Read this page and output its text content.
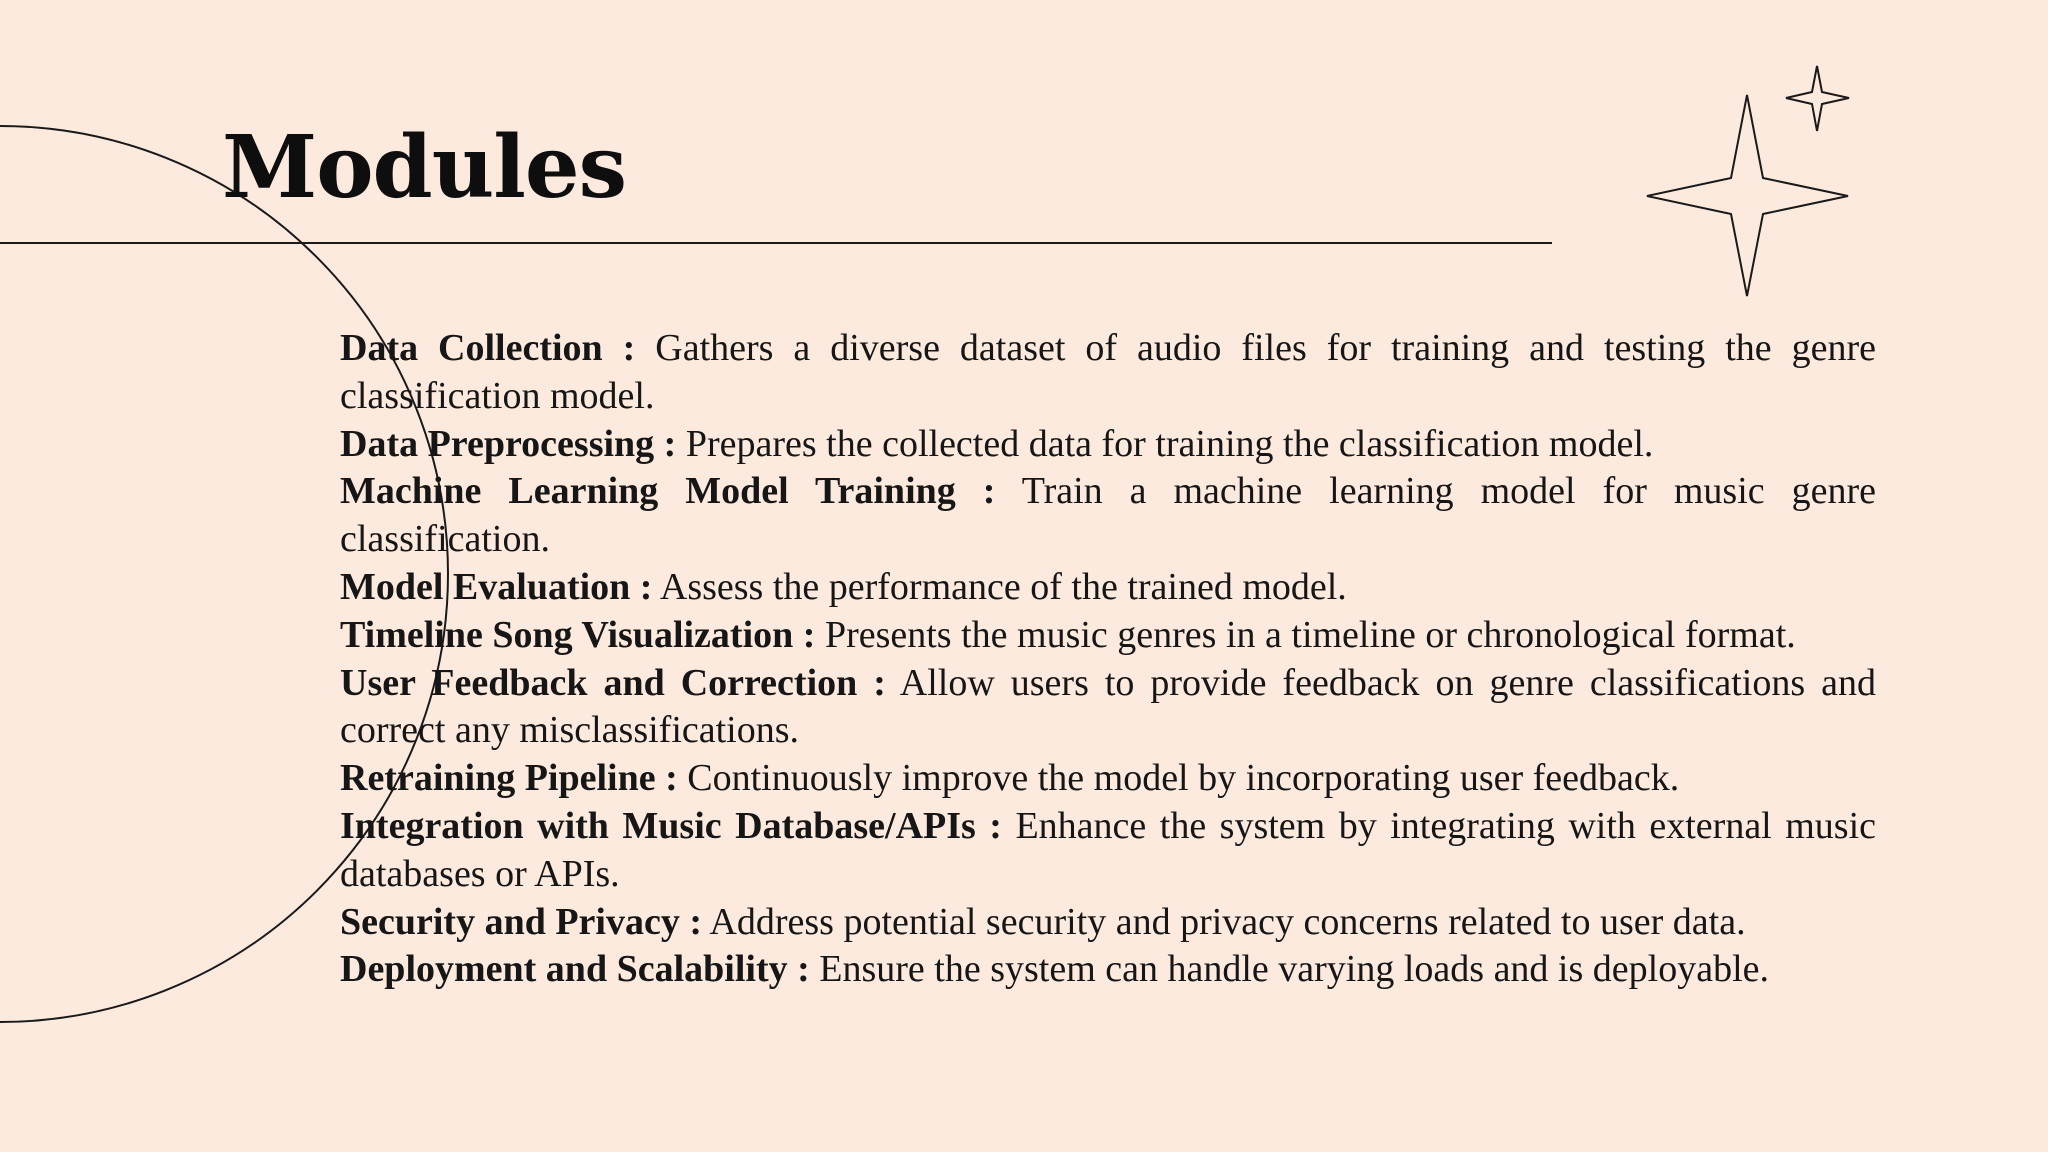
Modules

Data Collection : Gathers a diverse dataset of audio files for training and testing the genre classification model.

Data Preprocessing : Prepares the collected data for training the classification model.

Machine Learning Model Training : Train a machine learning model for music genre classification.

Model Evaluation : Assess the performance of the trained model.

Timeline Song Visualization : Presents the music genres in a timeline or chronological format.

User Feedback and Correction : Allow users to provide feedback on genre classifications and correct any misclassifications.

Retraining Pipeline : Continuously improve the model by incorporating user feedback.

Integration with Music Database/APIs : Enhance the system by integrating with external music databases or APIs.

Security and Privacy : Address potential security and privacy concerns related to user data.

Deployment and Scalability : Ensure the system can handle varying loads and is deployable.
